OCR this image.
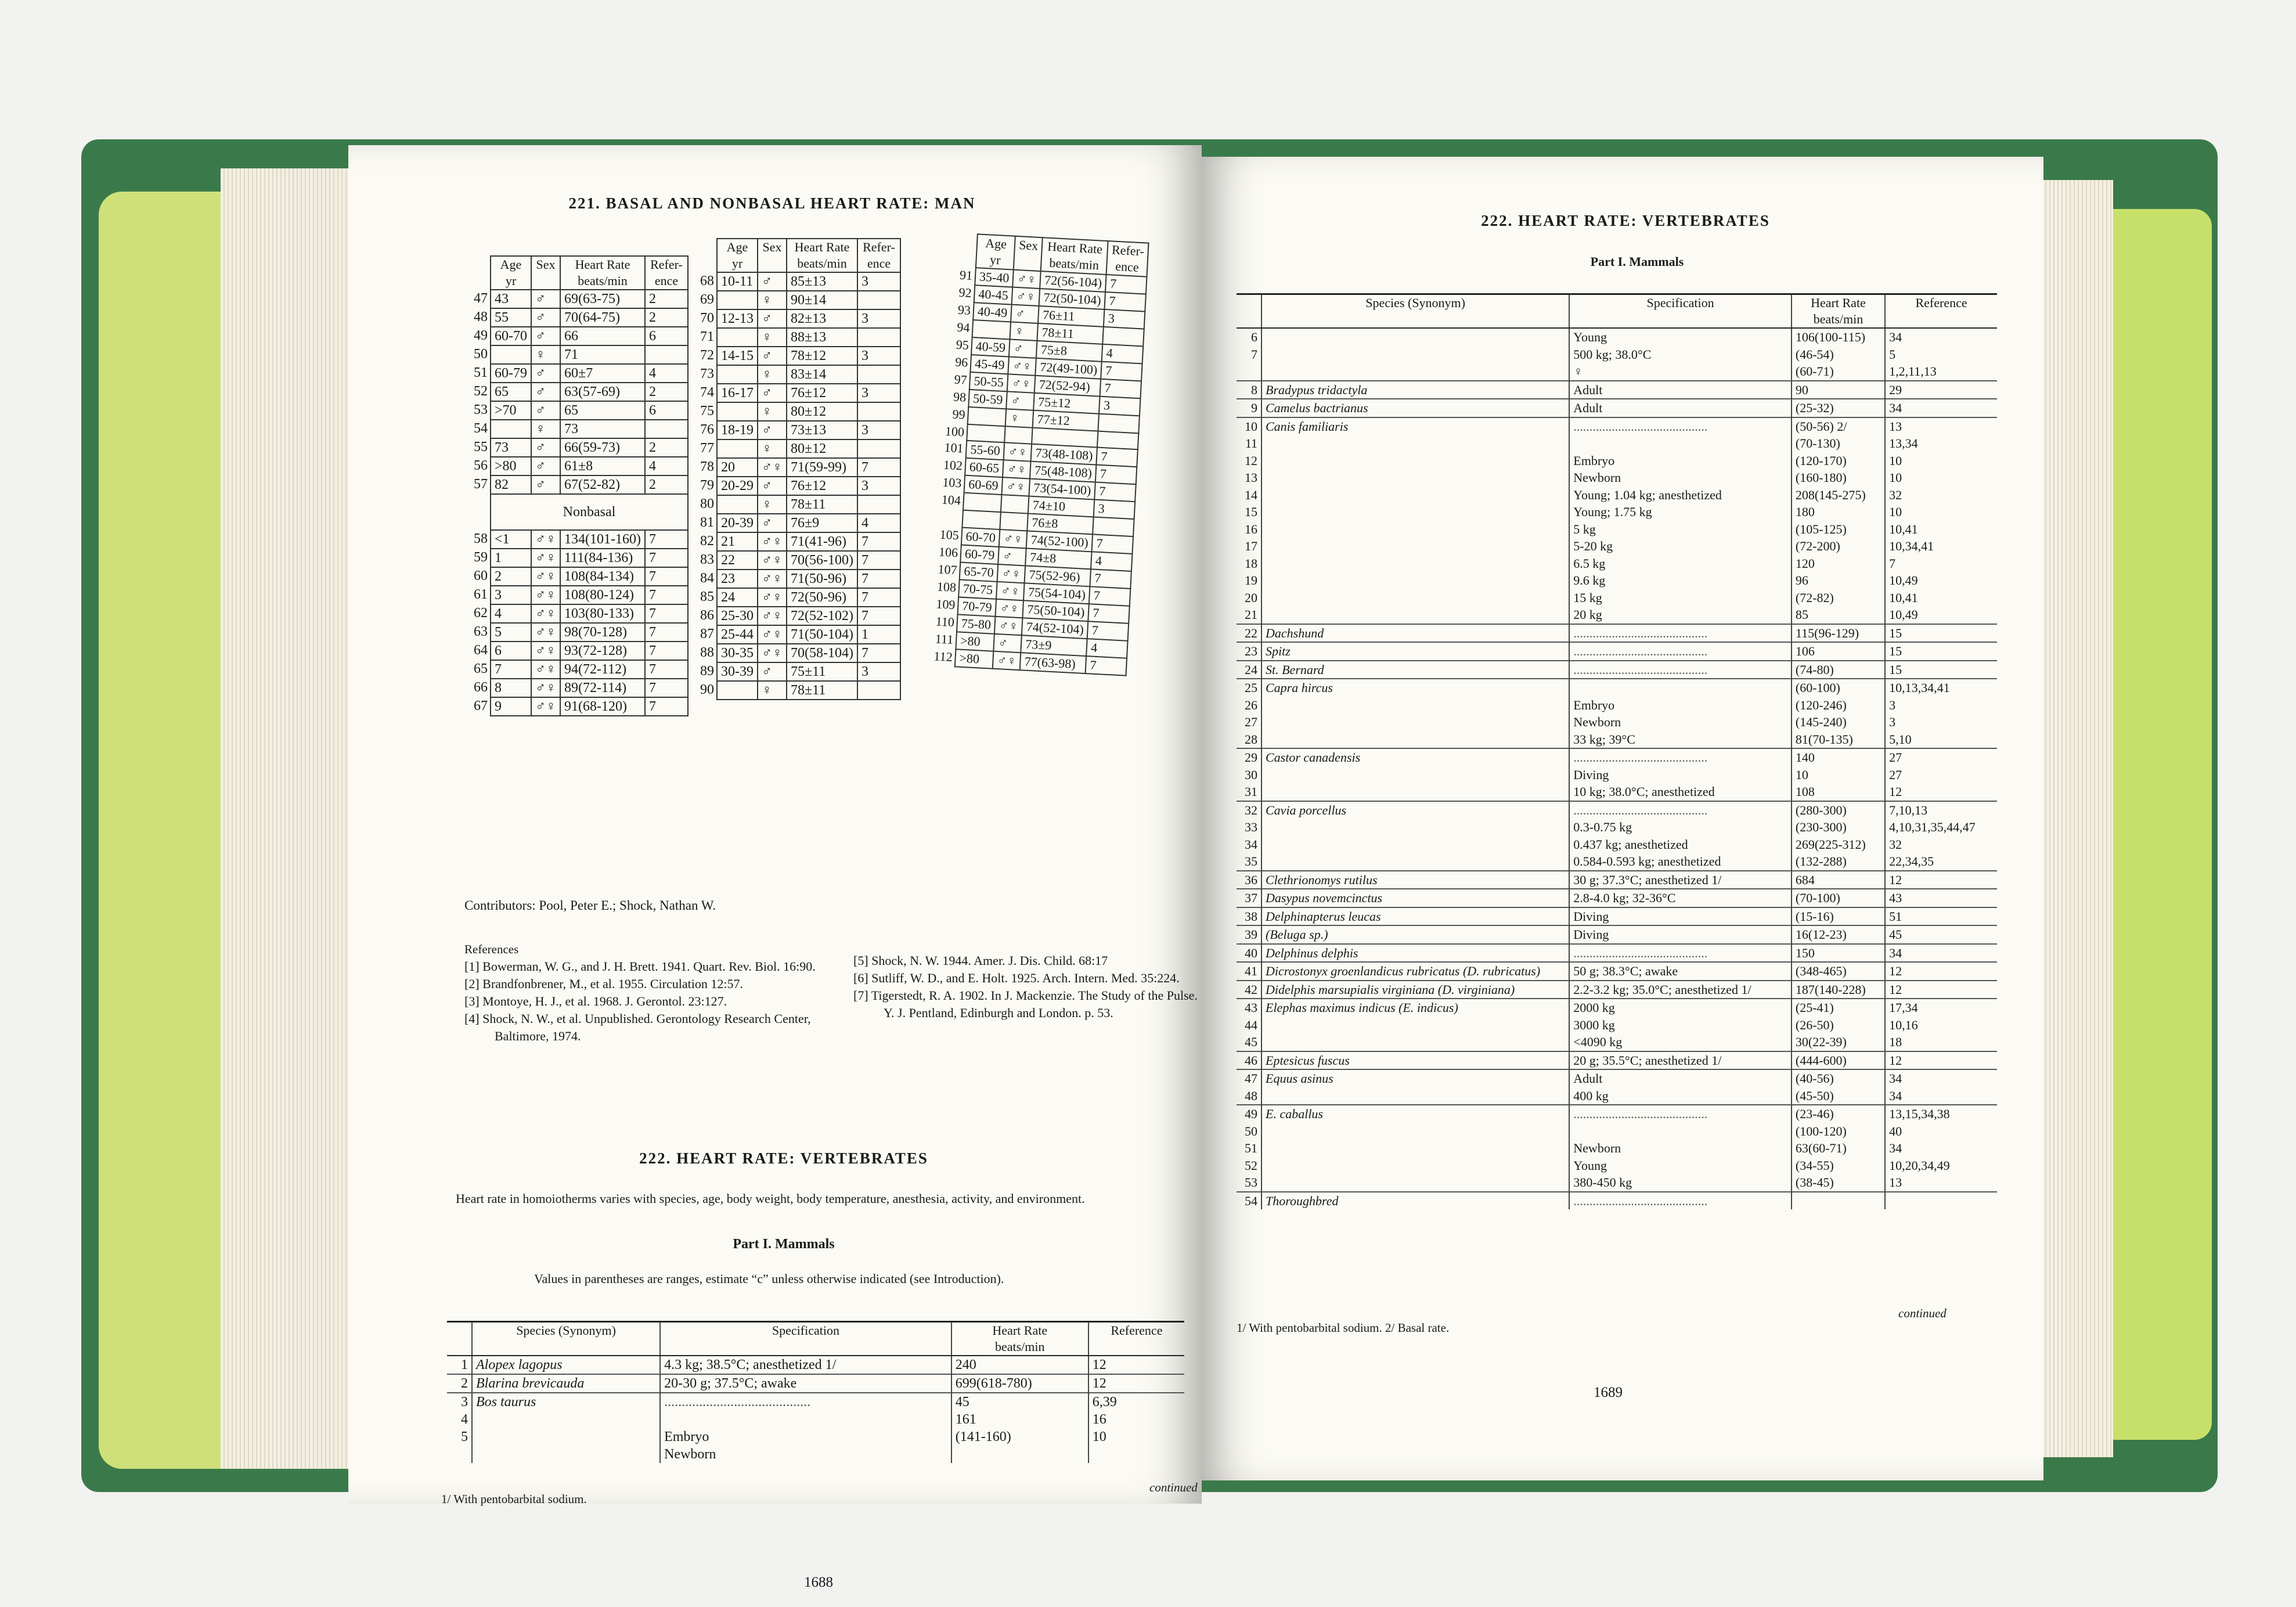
221. BASAL AND NONBASAL HEART RATE: MAN
	Age
yr	Sex	Heart Rate
beats/min	Refer-ence
47	43	♂	69(63-75)	2
48	55	♂	70(64-75)	2
49	60-70	♂	66	6
50		♀	71	
51	60-79	♂	60±7	4
52	65	♂	63(57-69)	2
53	>70	♂	65	6
54		♀	73	
55	73	♂	66(59-73)	2
56	>80	♂	61±8	4
57	82	♂	67(52-82)	2
	Nonbasal			
58	<1	♂♀	134(101-160)	7
59	1	♂♀	111(84-136)	7
60	2	♂♀	108(84-134)	7
61	3	♂♀	108(80-124)	7
62	4	♂♀	103(80-133)	7
63	5	♂♀	98(70-128)	7
64	6	♂♀	93(72-128)	7
65	7	♂♀	94(72-112)	7
66	8	♂♀	89(72-114)	7
67	9	♂♀	91(68-120)	7
	Age
yr	Sex	Heart Rate
beats/min	Refer-ence
68	10-11	♂	85±13	3
69		♀	90±14	
70	12-13	♂	82±13	3
71		♀	88±13	
72	14-15	♂	78±12	3
73		♀	83±14	
74	16-17	♂	76±12	3
75		♀	80±12	
76	18-19	♂	73±13	3
77		♀	80±12	
78	20	♂♀	71(59-99)	7
79	20-29	♂	76±12	3
80		♀	78±11	
81	20-39	♂	76±9	4
82	21	♂♀	71(41-96)	7
83	22	♂♀	70(56-100)	7
84	23	♂♀	71(50-96)	7
85	24	♂♀	72(50-96)	7
86	25-30	♂♀	72(52-102)	7
87	25-44	♂♀	71(50-104)	1
88	30-35	♂♀	70(58-104)	7
89	30-39	♂	75±11	3
90		♀	78±11	
	Age
yr	Sex	Heart Rate
beats/min	Refer-ence
91	35-40	♂♀	72(56-104)	7
92	40-45	♂♀	72(50-104)	7
93	40-49	♂	76±11	3
94		♀	78±11	
95	40-59	♂	75±8	4
96	45-49	♂♀	72(49-100)	7
97	50-55	♂♀	72(52-94)	7
98	50-59	♂	75±12	3
99		♀	77±12	
100				
101	55-60	♂♀	73(48-108)	7
102	60-65	♂♀	75(48-108)	7
103	60-69	♂♀	73(54-100)	7
104			74±10	3
			76±8	
105	60-70	♂♀	74(52-100)	7
106	60-79	♂	74±8	4
107	65-70	♂♀	75(52-96)	7
108	70-75	♂♀	75(54-104)	7
109	70-79	♂♀	75(50-104)	7
110	75-80	♂♀	74(52-104)	7
111	>80	♂	73±9	4
112	>80	♂♀	77(63-98)	7
Contributors: Pool, Peter E.; Shock, Nathan W.
References
[1] Bowerman, W. G., and J. H. Brett. 1941. Quart. Rev. Biol. 16:90.
[2] Brandfonbrener, M., et al. 1955. Circulation 12:57.
[3] Montoye, H. J., et al. 1968. J. Gerontol. 23:127.
[4] Shock, N. W., et al. Unpublished. Gerontology Research Center, Baltimore, 1974.
[5] Shock, N. W. 1944. Amer. J. Dis. Child. 68:17
[6] Sutliff, W. D., and E. Holt. 1925. Arch. Intern. Med. 35:224.
[7] Tigerstedt, R. A. 1902. In J. Mackenzie. The Study of the Pulse. Y. J. Pentland, Edinburgh and London. p. 53.
222. HEART RATE: VERTEBRATES
Heart rate in homoiotherms varies with species, age, body weight, body temperature, anesthesia, activity, and environment.
Part I. Mammals
Values in parentheses are ranges, estimate “c” unless otherwise indicated (see Introduction).
	Species (Synonym)	Specification	Heart Rate
beats/min	Reference
1	Alopex lagopus	4.3 kg; 38.5°C; anesthetized 1/	240	12
2	Blarina brevicauda	20-30 g; 37.5°C; awake	699(618-780)	12
3	Bos taurus	..........................................	45	6,39
4			161	16
5		Embryo	(141-160)	10
		Newborn		
1/ With pentobarbital sodium.
continued
1688
222. HEART RATE: VERTEBRATES
Part I. Mammals
	Species (Synonym)	Specification	Heart Rate
beats/min	Reference
6		Young	106(100-115)	34
7		500 kg; 38.0°C	(46-54)	5
		♀	(60-71)	1,2,11,13
8	Bradypus tridactyla	Adult	90	29
9	Camelus bactrianus	Adult	(25-32)	34
10	Canis familiaris	..........................................	(50-56) 2/	13
11			(70-130)	13,34
12		Embryo	(120-170)	10
13		Newborn	(160-180)	10
14		Young; 1.04 kg; anesthetized	208(145-275)	32
15		Young; 1.75 kg	180	10
16		5 kg	(105-125)	10,41
17		5-20 kg	(72-200)	10,34,41
18		6.5 kg	120	7
19		9.6 kg	96	10,49
20		15 kg	(72-82)	10,41
21		20 kg	85	10,49
22	Dachshund	..........................................	115(96-129)	15
23	Spitz	..........................................	106	15
24	St. Bernard	..........................................	(74-80)	15
25	Capra hircus		(60-100)	10,13,34,41
26		Embryo	(120-246)	3
27		Newborn	(145-240)	3
28		33 kg; 39°C	81(70-135)	5,10
29	Castor canadensis	..........................................	140	27
30		Diving	10	27
31		10 kg; 38.0°C; anesthetized	108	12
32	Cavia porcellus	..........................................	(280-300)	7,10,13
33		0.3-0.75 kg	(230-300)	4,10,31,35,44,47
34		0.437 kg; anesthetized	269(225-312)	32
35		0.584-0.593 kg; anesthetized	(132-288)	22,34,35
36	Clethrionomys rutilus	30 g; 37.3°C; anesthetized 1/	684	12
37	Dasypus novemcinctus	2.8-4.0 kg; 32-36°C	(70-100)	43
38	Delphinapterus leucas	Diving	(15-16)	51
39	(Beluga sp.)	Diving	16(12-23)	45
40	Delphinus delphis	..........................................	150	34
41	Dicrostonyx groenlandicus rubricatus (D. rubricatus)	50 g; 38.3°C; awake	(348-465)	12
42	Didelphis marsupialis virginiana (D. virginiana)	2.2-3.2 kg; 35.0°C; anesthetized 1/	187(140-228)	12
43	Elephas maximus indicus (E. indicus)	2000 kg	(25-41)	17,34
44		3000 kg	(26-50)	10,16
45		<4090 kg	30(22-39)	18
46	Eptesicus fuscus	20 g; 35.5°C; anesthetized 1/	(444-600)	12
47	Equus asinus	Adult	(40-56)	34
48		400 kg	(45-50)	34
49	E. caballus	..........................................	(23-46)	13,15,34,38
50			(100-120)	40
51		Newborn	63(60-71)	34
52		Young	(34-55)	10,20,34,49
53		380-450 kg	(38-45)	13
54	Thoroughbred	..........................................		
1/ With pentobarbital sodium. 2/ Basal rate.
continued
1689
